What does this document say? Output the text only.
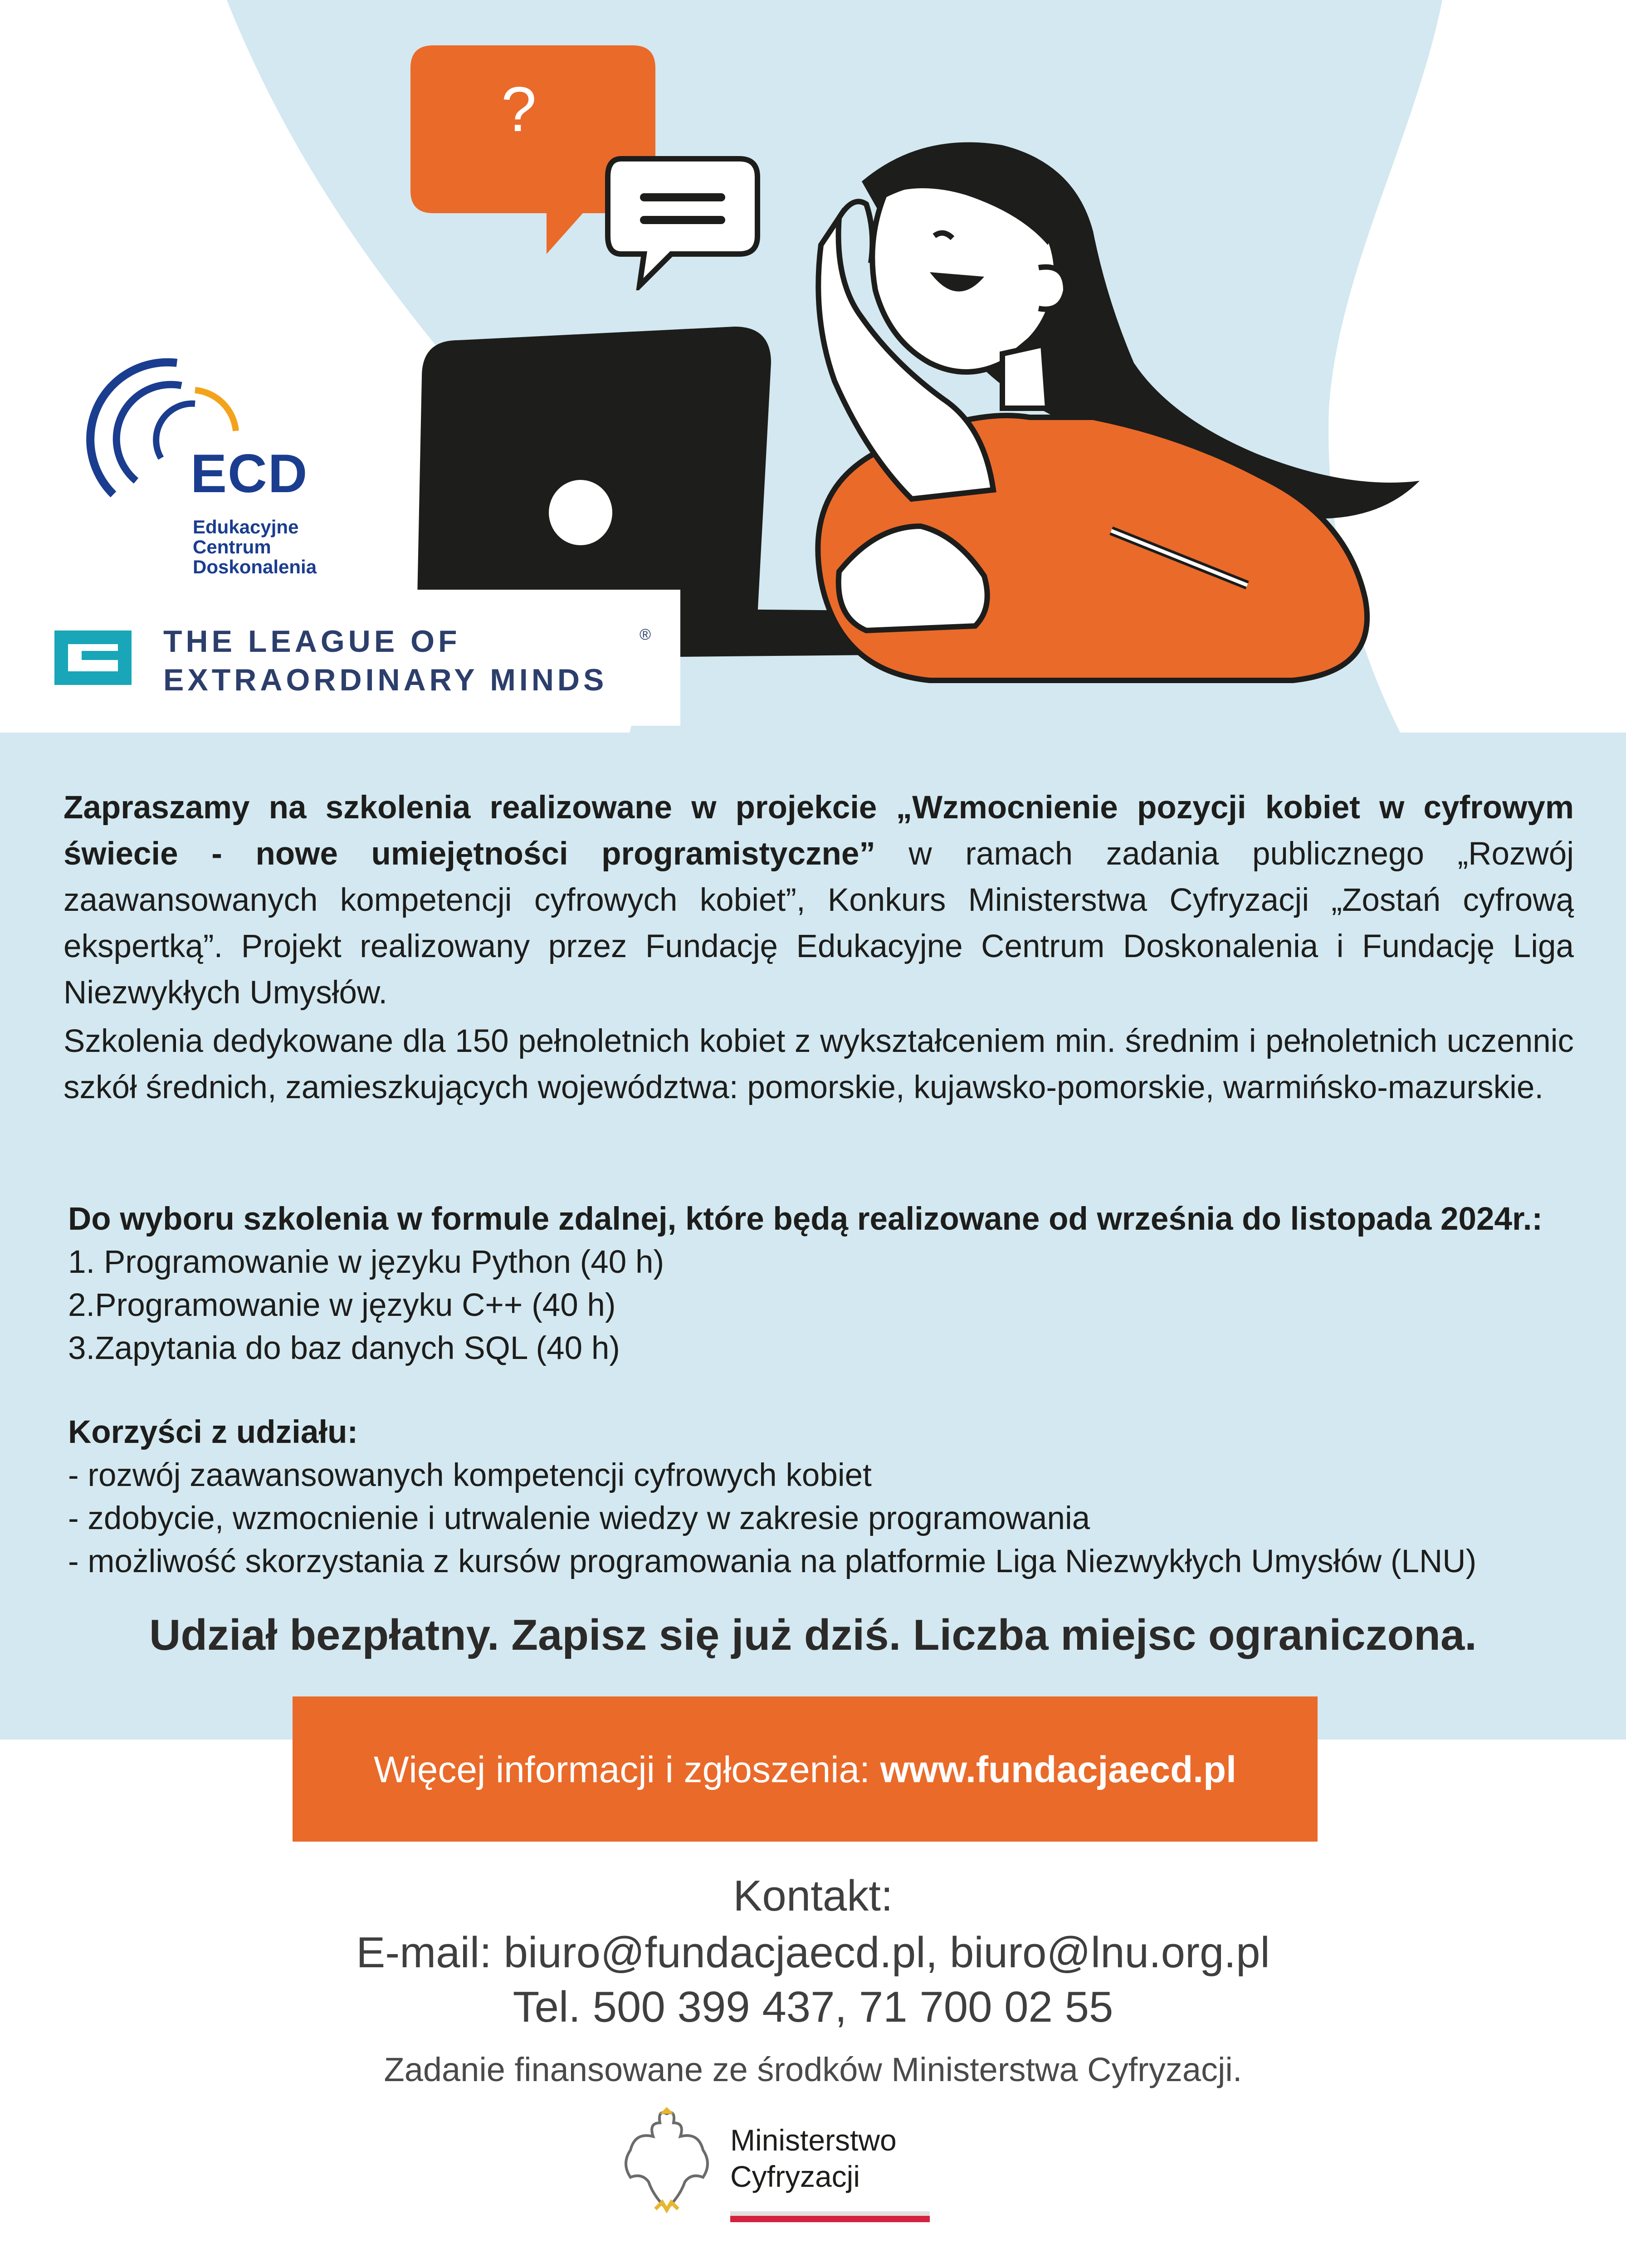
?
ECD
Edukacyjne
Centrum
Doskonalenia
THE LEAGUE OF
EXTRAORDINARY MINDS
®
Zapraszamy na szkolenia realizowane w projekcie „Wzmocnienie pozycji kobiet w cyfrowym świecie - nowe umiejętności programistyczne” w ramach zadania publicznego „Rozwój zaawansowanych kompetencji cyfrowych kobiet”, Konkurs Ministerstwa Cyfryzacji „Zostań cyfrową ekspertką”. Projekt realizowany przez Fundację Edukacyjne Centrum Doskonalenia i Fundację Liga Niezwykłych Umysłów.
Szkolenia dedykowane dla 150 pełnoletnich kobiet z wykształceniem min. średnim i pełnoletnich uczennic szkół średnich, zamieszkujących województwa: pomorskie, kujawsko-pomorskie, warmińsko-mazurskie.
Do wyboru szkolenia w formule zdalnej, które będą realizowane od września do listopada 2024r.:
1. Programowanie w języku Python (40 h)
2.Programowanie w języku C++ (40 h)
3.Zapytania do baz danych SQL (40 h)
Korzyści z udziału:
- rozwój zaawansowanych kompetencji cyfrowych kobiet
- zdobycie, wzmocnienie i utrwalenie wiedzy w zakresie programowania
- możliwość skorzystania z kursów programowania na platformie Liga Niezwykłych Umysłów (LNU)
Udział bezpłatny. Zapisz się już dziś. Liczba miejsc ograniczona.
Więcej informacji i zgłoszenia: www.fundacjaecd.pl
Kontakt:
E-mail: biuro@fundacjaecd.pl, biuro@lnu.org.pl
Tel. 500 399 437, 71 700 02 55
Zadanie finansowane ze środków Ministerstwa Cyfryzacji.
Ministerstwo
Cyfryzacji
